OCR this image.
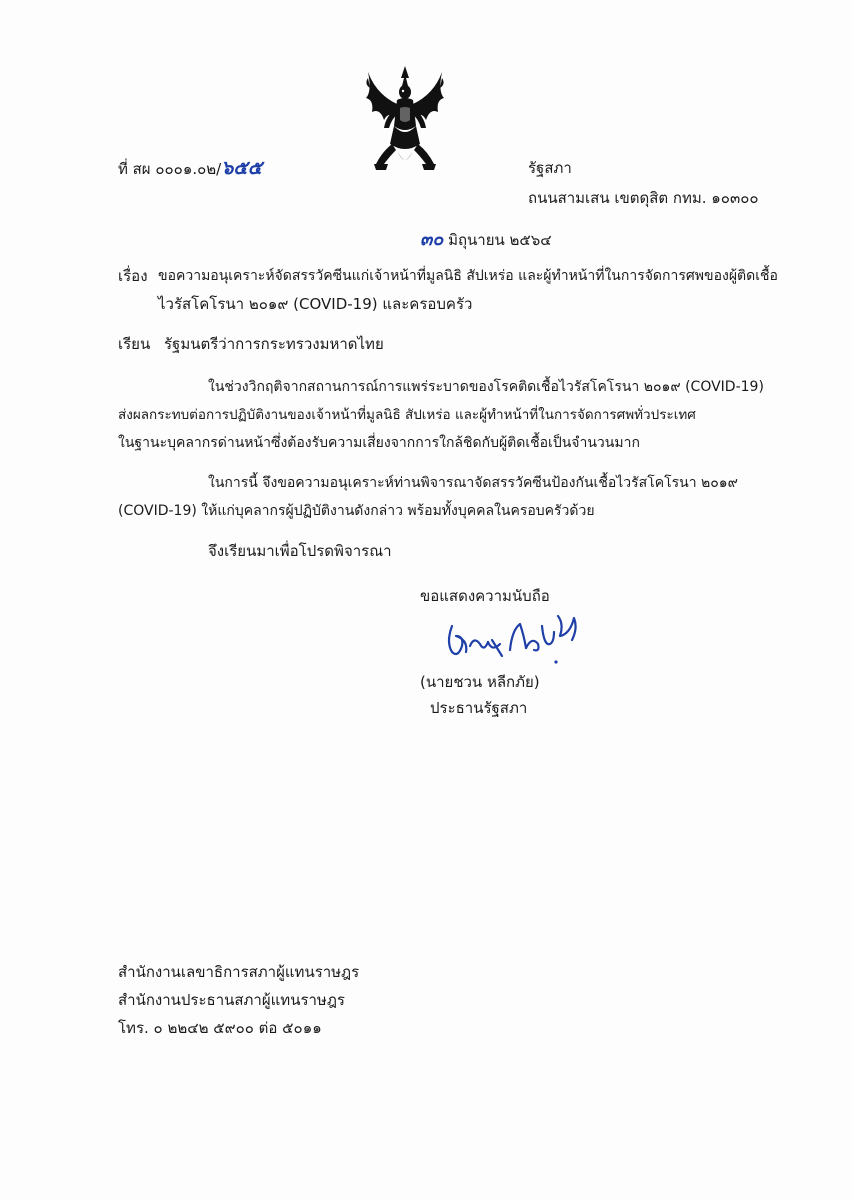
ที่ สผ ๐๐๐๑.๐๒/๖๕๕	รัฐสภา
ถนนสามเสน เขตดุสิต กทม. ๑๐๓๐๐
๓๐ มิถุนายน ๒๕๖๔
เรื่อง ขอความอนุเคราะห์จัดสรรวัคซีนแก่เจ้าหน้าที่มูลนิธิ สัปเหร่อ และผู้ทำหน้าที่ในการจัดการศพของผู้ติดเชื้อ
ไวรัสโคโรนา ๒๐๑๙ (COVID-19) และครอบครัว
เรียน รัฐมนตรีว่าการกระทรวงมหาดไทย
ในช่วงวิกฤติจากสถานการณ์การแพร่ระบาดของโรคติดเชื้อไวรัสโคโรนา ๒๐๑๙ (COVID-19)
ส่งผลกระทบต่อการปฏิบัติงานของเจ้าหน้าที่มูลนิธิ สัปเหร่อ และผู้ทำหน้าที่ในการจัดการศพทั่วประเทศ
ในฐานะบุคลากรด่านหน้าซึ่งต้องรับความเสี่ยงจากการใกล้ชิดกับผู้ติดเชื้อเป็นจำนวนมาก
ในการนี้ จึงขอความอนุเคราะห์ท่านพิจารณาจัดสรรวัคซีนป้องกันเชื้อไวรัสโคโรนา ๒๐๑๙
(COVID-19) ให้แก่บุคลากรผู้ปฏิบัติงานดังกล่าว พร้อมทั้งบุคคลในครอบครัวด้วย
จึงเรียนมาเพื่อโปรดพิจารณา
ขอแสดงความนับถือ
(นายชวน หลีกภัย)
ประธานรัฐสภา
สำนักงานเลขาธิการสภาผู้แทนราษฎร
สำนักงานประธานสภาผู้แทนราษฎร
โทร. ๐ ๒๒๔๒ ๕๙๐๐ ต่อ ๕๐๑๑
